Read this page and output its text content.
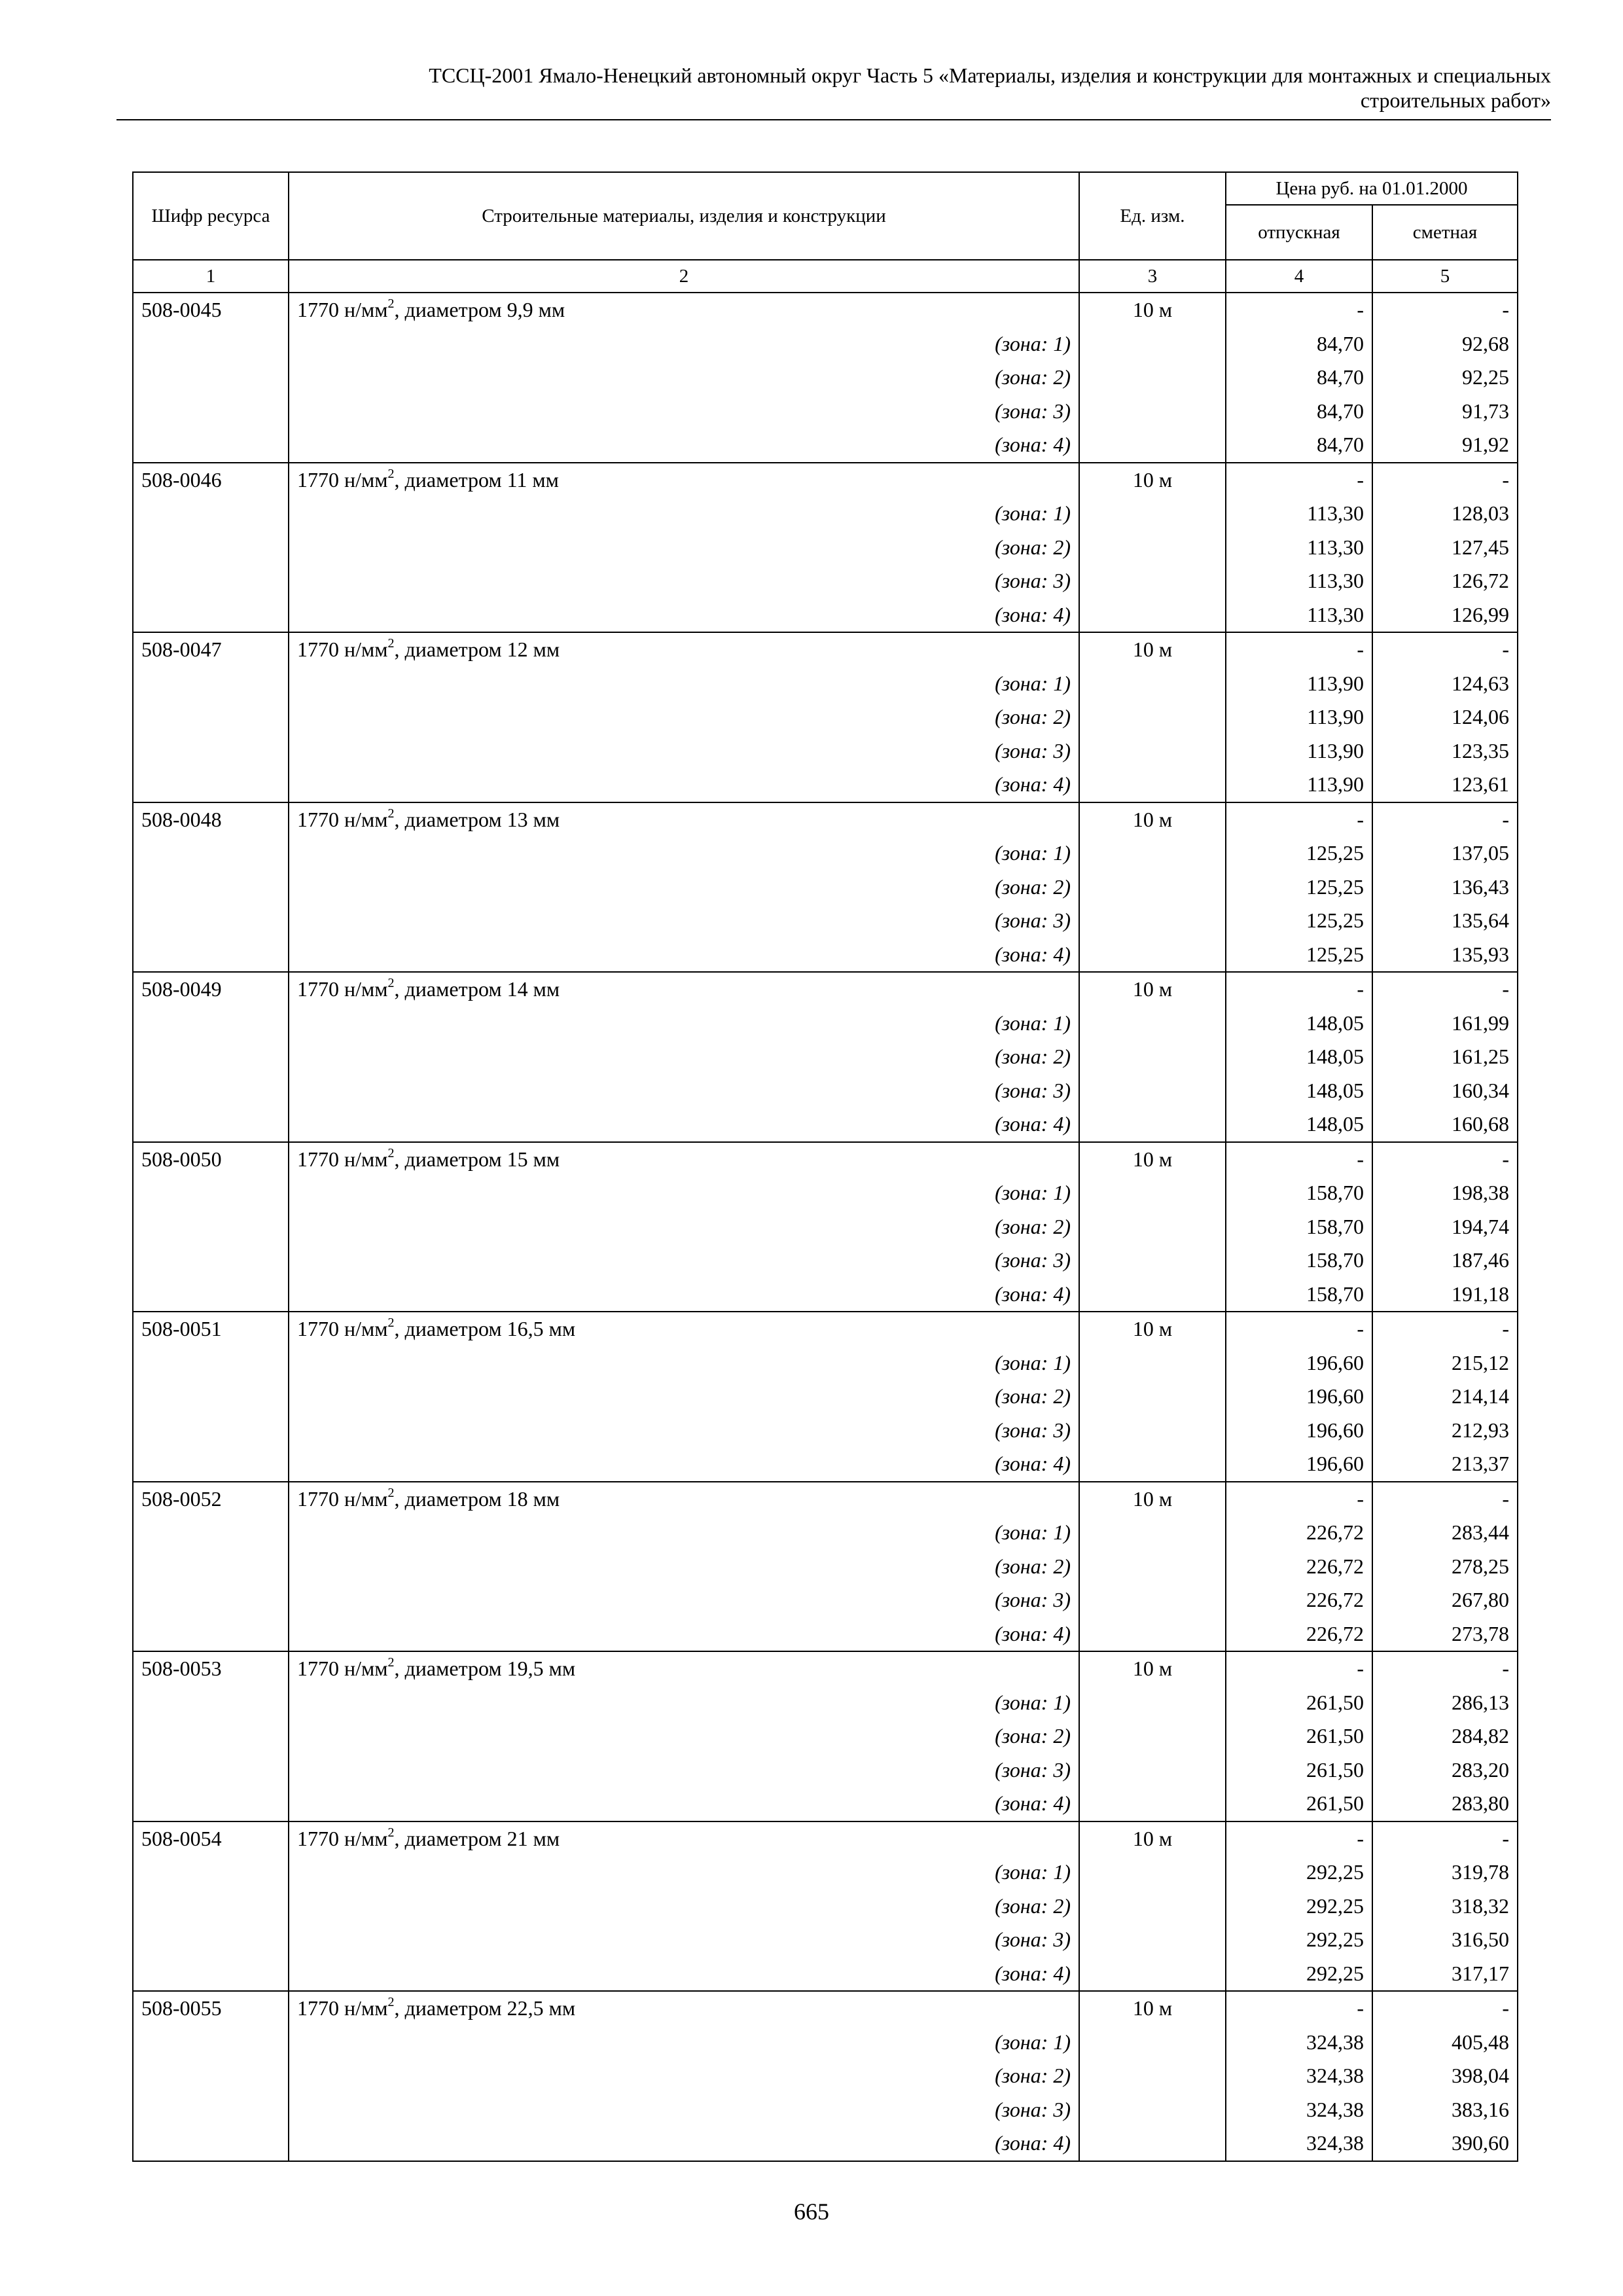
ТССЦ-2001 Ямало-Ненецкий автономный округ Часть 5 «Материалы, изделия и конструкции для монтажных и специальных
строительных работ»
Шифр ресурса	Строительные материалы, изделия и конструкции	Ед. изм.	Цена руб. на 01.01.2000	
			отпускная	сметная
1	2	3	4	5
508-0045	1770 $н/мм^2$, диаметром 9,9 мм	10 м	-	-
	(зона: 1)		84,70	92,68
	(зона: 2)		84,70	92,25
	(зона: 3)		84,70	91,73
	(зона: 4)		84,70	91,92
508-0046	1770 $н/мм^2$, диаметром 11 мм	10 м	-	-
	(зона: 1)		113,30	128,03
	(зона: 2)		113,30	127,45
	(зона: 3)		113,30	126,72
	(зона: 4)		113,30	126,99
508-0047	1770 $н/мм^2$, диаметром 12 мм	10 м	-	-
	(зона: 1)		113,90	124,63
	(зона: 2)		113,90	124,06
	(зона: 3)		113,90	123,35
	(зона: 4)		113,90	123,61
508-0048	1770 $н/мм^2$, диаметром 13 мм	10 м	-	-
	(зона: 1)		125,25	137,05
	(зона: 2)		125,25	136,43
	(зона: 3)		125,25	135,64
	(зона: 4)		125,25	135,93
508-0049	1770 $н/мм^2$, диаметром 14 мм	10 м	-	-
	(зона: 1)		148,05	161,99
	(зона: 2)		148,05	161,25
	(зона: 3)		148,05	160,34
	(зона: 4)		148,05	160,68
508-0050	1770 $н/мм^2$, диаметром 15 мм	10 м	-	-
	(зона: 1)		158,70	198,38
	(зона: 2)		158,70	194,74
	(зона: 3)		158,70	187,46
	(зона: 4)		158,70	191,18
508-0051	1770 $н/мм^2$, диаметром 16,5 мм	10 м	-	-
	(зона: 1)		196,60	215,12
	(зона: 2)		196,60	214,14
	(зона: 3)		196,60	212,93
	(зона: 4)		196,60	213,37
508-0052	1770 $н/мм^2$, диаметром 18 мм	10 м	-	-
	(зона: 1)		226,72	283,44
	(зона: 2)		226,72	278,25
	(зона: 3)		226,72	267,80
	(зона: 4)		226,72	273,78
508-0053	1770 $н/мм^2$, диаметром 19,5 мм	10 м	-	-
	(зона: 1)		261,50	286,13
	(зона: 2)		261,50	284,82
	(зона: 3)		261,50	283,20
	(зона: 4)		261,50	283,80
508-0054	1770 $н/мм^2$, диаметром 21 мм	10 м	-	-
	(зона: 1)		292,25	319,78
	(зона: 2)		292,25	318,32
	(зона: 3)		292,25	316,50
	(зона: 4)		292,25	317,17
508-0055	1770 $н/мм^2$, диаметром 22,5 мм	10 м	-	-
	(зона: 1)		324,38	405,48
	(зона: 2)		324,38	398,04
	(зона: 3)		324,38	383,16
	(зона: 4)		324,38	390,60
665
